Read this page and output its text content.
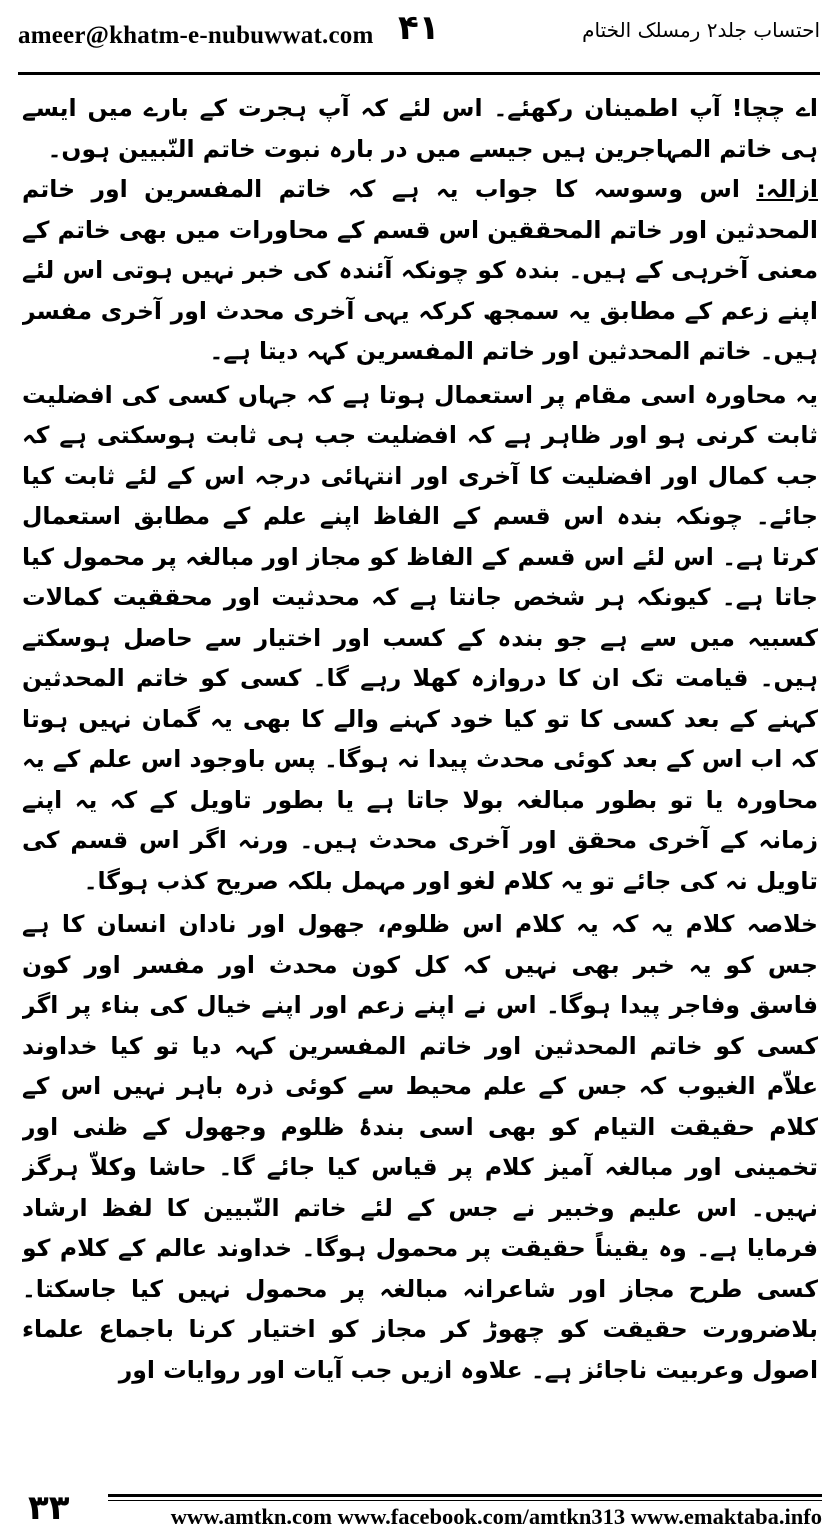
ameer@khatm-e-nubuwwat.com ۴۱	احتساب جلد۲ رمسلک الختام

اے چچا! آپ اطمینان رکھئے۔ اس لئے کہ آپ ہجرت کے بارے میں ایسے ہی خاتم المہاجرین ہیں جیسے میں در بارہ نبوت خاتم النّبیین ہوں۔

ازالہ: اس وسوسہ کا جواب یہ ہے کہ خاتم المفسرین اور خاتم المحدثین اور خاتم المحققین اس قسم کے محاورات میں بھی خاتم کے معنی آخرہی کے ہیں۔ بندہ کو چونکہ آئندہ کی خبر نہیں ہوتی اس لئے اپنے زعم کے مطابق یہ سمجھ کرکہ یہی آخری محدث اور آخری مفسر ہیں۔ خاتم المحدثین اور خاتم المفسرین کہہ دیتا ہے۔

یہ محاورہ اسی مقام پر استعمال ہوتا ہے کہ جہاں کسی کی افضلیت ثابت کرنی ہو اور ظاہر ہے کہ افضلیت جب ہی ثابت ہوسکتی ہے کہ جب کمال اور افضلیت کا آخری اور انتہائی درجہ اس کے لئے ثابت کیا جائے۔ چونکہ بندہ اس قسم کے الفاظ اپنے علم کے مطابق استعمال کرتا ہے۔ اس لئے اس قسم کے الفاظ کو مجاز اور مبالغہ پر محمول کیا جاتا ہے۔ کیونکہ ہر شخص جانتا ہے کہ محدثیت اور محققیت کمالات کسبیہ میں سے ہے جو بندہ کے کسب اور اختیار سے حاصل ہوسکتے ہیں۔ قیامت تک ان کا دروازہ کھلا رہے گا۔ کسی کو خاتم المحدثین کہنے کے بعد کسی کا تو کیا خود کہنے والے کا بھی یہ گمان نہیں ہوتا کہ اب اس کے بعد کوئی محدث پیدا نہ ہوگا۔ پس باوجود اس علم کے یہ محاورہ یا تو بطور مبالغہ بولا جاتا ہے یا بطور تاویل کے کہ یہ اپنے زمانہ کے آخری محقق اور آخری محدث ہیں۔ ورنہ اگر اس قسم کی تاویل نہ کی جائے تو یہ کلام لغو اور مہمل بلکہ صریح کذب ہوگا۔

خلاصہ کلام یہ کہ یہ کلام اس ظلوم، جھول اور نادان انسان کا ہے جس کو یہ خبر بھی نہیں کہ کل کون محدث اور مفسر اور کون فاسق وفاجر پیدا ہوگا۔ اس نے اپنے زعم اور اپنے خیال کی بناء پر اگر کسی کو خاتم المحدثین اور خاتم المفسرین کہہ دیا تو کیا خداوند علاّم الغیوب کہ جس کے علم محیط سے کوئی ذرہ باہر نہیں اس کے کلام حقیقت التیام کو بھی اسی بندۂ ظلوم وجھول کے ظنی اور تخمینی اور مبالغہ آمیز کلام پر قیاس کیا جائے گا۔ حاشا وکلاّ ہرگز نہیں۔ اس علیم وخبیر نے جس کے لئے خاتم النّبیین کا لفظ ارشاد فرمایا ہے۔ وہ یقیناً حقیقت پر محمول ہوگا۔ خداوند عالم کے کلام کو کسی طرح مجاز اور شاعرانہ مبالغہ پر محمول نہیں کیا جاسکتا۔ بلاضرورت حقیقت کو چھوڑ کر مجاز کو اختیار کرنا باجماع علماء اصول وعربیت ناجائز ہے۔ علاوہ ازیں جب آیات اور روایات اور

۳۳	www.amtkn.com www.facebook.com/amtkn313 www.emaktaba.info
